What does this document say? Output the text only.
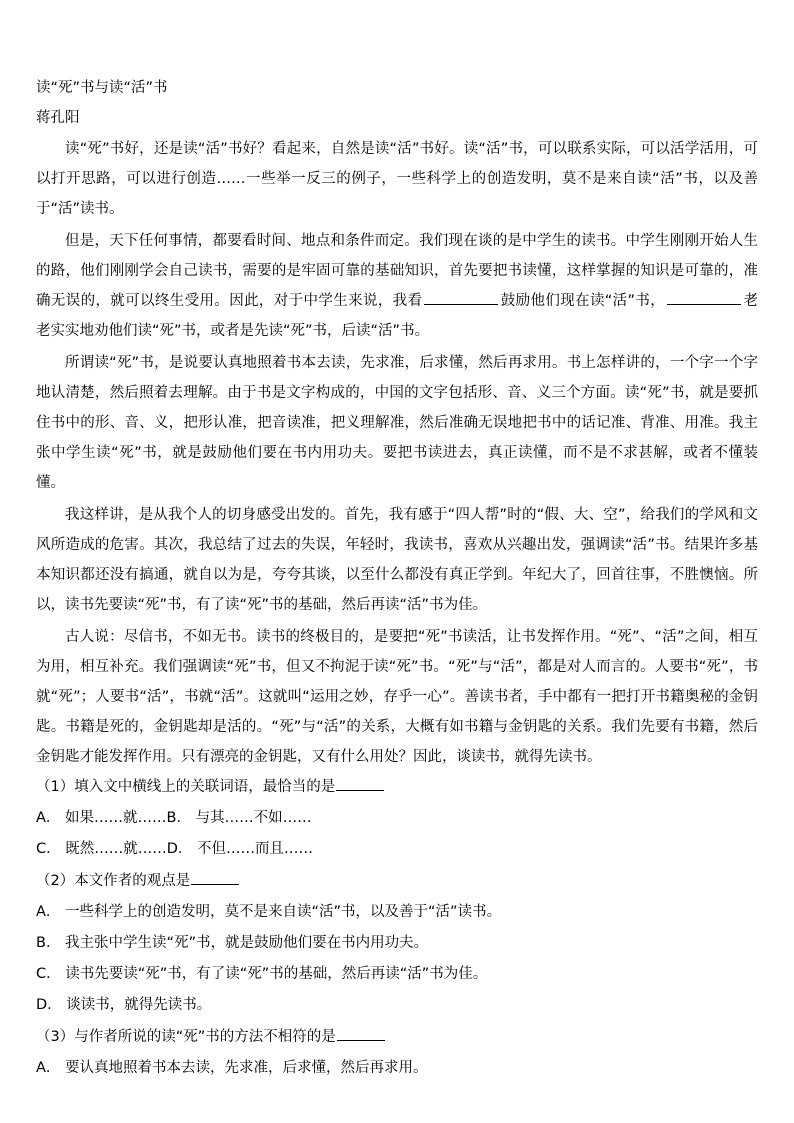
读“死”书与读“活”书
蒋孔阳

读“死”书好，还是读“活”书好？看起来，自然是读“活”书好。读“活”书，可以联系实际，可以活学活用，可以打开思路，可以进行创造……一些举一反三的例子，一些科学上的创造发明，莫不是来自读“活”书，以及善于“活”读书。

但是，天下任何事情，都要看时间、地点和条件而定。我们现在谈的是中学生的读书。中学生刚刚开始人生的路，他们刚刚学会自己读书，需要的是牢固可靠的基础知识，首先要把书读懂，这样掌握的知识是可靠的，准确无误的，就可以终生受用。因此，对于中学生来说，我看	鼓励他们现在读“活”书，	老老实实地劝他们读“死”书，或者是先读“死”书，后读“活”书。

所谓读“死”书，是说要认真地照着书本去读，先求准，后求懂，然后再求用。书上怎样讲的，一个字一个字地认清楚，然后照着去理解。由于书是文字构成的，中国的文字包括形、音、义三个方面。读“死”书，就是要抓住书中的形、音、义，把形认准，把音读准，把义理解准，然后准确无误地把书中的话记准、背准、用准。我主张中学生读“死”书，就是鼓励他们要在书内用功夫。要把书读进去，真正读懂，而不是不求甚解，或者不懂装懂。

我这样讲，是从我个人的切身感受出发的。首先，我有感于“四人帮”时的“假、大、空”，给我们的学风和文风所造成的危害。其次，我总结了过去的失误，年轻时，我读书，喜欢从兴趣出发，强调读“活”书。结果许多基本知识都还没有搞通，就自以为是，夸夸其谈，以至什么都没有真正学到。年纪大了，回首往事，不胜懊恼。所以，读书先要读“死”书，有了读“死”书的基础，然后再读“活”书为佳。

古人说：尽信书，不如无书。读书的终极目的，是要把“死”书读活，让书发挥作用。“死”、“活”之间，相互为用，相互补充。我们强调读“死”书，但又不拘泥于读“死”书。“死”与“活”，都是对人而言的。人要书“死”，书就“死”；人要书“活”，书就“活”。这就叫“运用之妙，存乎一心”。善读书者，手中都有一把打开书籍奥秘的金钥匙。书籍是死的，金钥匙却是活的。“死”与“活”的关系，大概有如书籍与金钥匙的关系。我们先要有书籍，然后金钥匙才能发挥作用。只有漂亮的金钥匙，又有什么用处？因此，谈读书，就得先读书。

（1）填入文中横线上的关联词语，最恰当的是
A． 如果……就……B． 与其……不如……
C． 既然……就……D． 不但……而且……
（2）本文作者的观点是
A． 一些科学上的创造发明，莫不是来自读“活”书，以及善于“活”读书。
B． 我主张中学生读“死”书，就是鼓励他们要在书内用功夫。
C． 读书先要读“死”书，有了读“死”书的基础，然后再读“活”书为佳。
D． 谈读书，就得先读书。
（3）与作者所说的读“死”书的方法不相符的是
A． 要认真地照着书本去读，先求准，后求懂，然后再求用。
